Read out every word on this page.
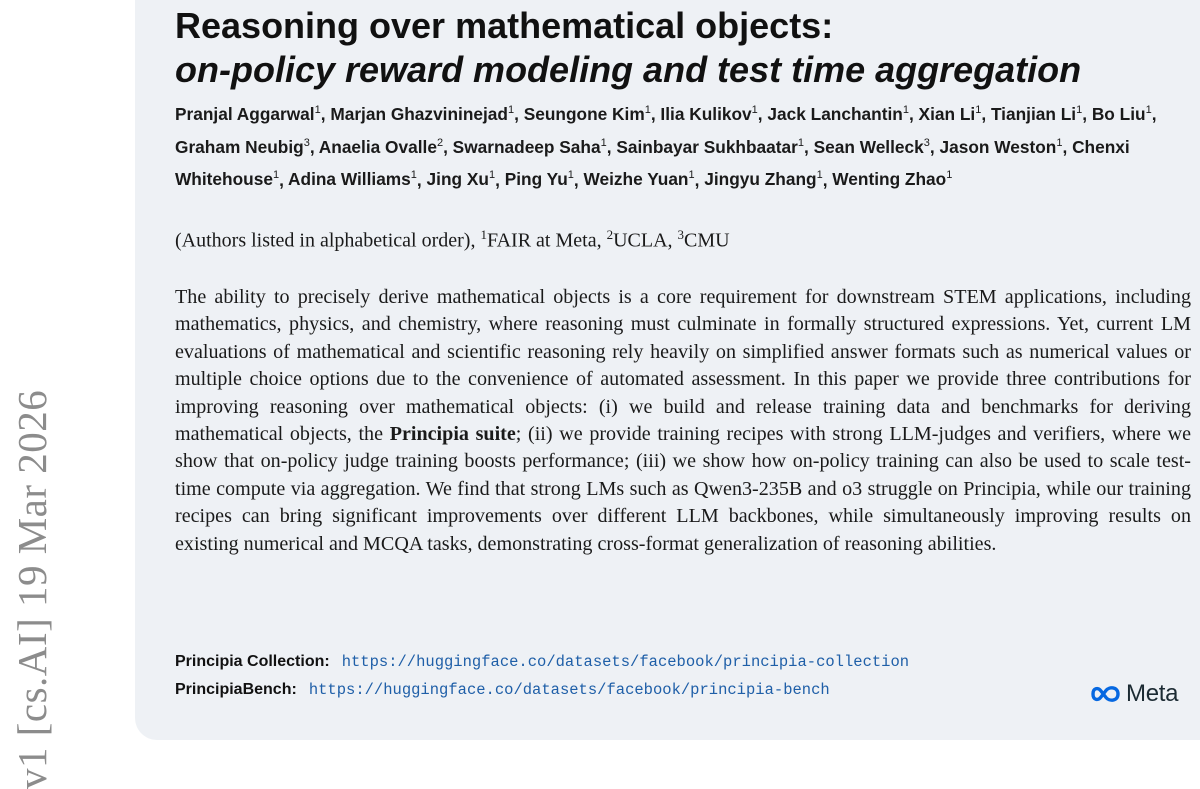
v1 [cs.AI] 19 Mar 2026
Reasoning over mathematical objects:
on-policy reward modeling and test time aggregation
Pranjal Aggarwal$^1$, Marjan Ghazvininejad$^1$, Seungone Kim$^1$, Ilia Kulikov$^1$, Jack Lanchantin$^1$, Xian Li$^1$, Tianjian Li$^1$, Bo Liu$^1$, Graham Neubig$^3$, Anaelia Ovalle$^2$, Swarnadeep Saha$^1$, Sainbayar Sukhbaatar$^1$, Sean Welleck$^3$, Jason Weston$^1$, Chenxi Whitehouse$^1$, Adina Williams$^1$, Jing Xu$^1$, Ping Yu$^1$, Weizhe Yuan$^1$, Jingyu Zhang$^1$, Wenting Zhao$^1$
(Authors listed in alphabetical order), $^1$FAIR at Meta, $^2$UCLA, $^3$CMU

The ability to precisely derive mathematical objects is a core requirement for downstream STEM applications, including mathematics, physics, and chemistry, where reasoning must culminate in formally structured expressions. Yet, current LM evaluations of mathematical and scientific reasoning rely heavily on simplified answer formats such as numerical values or multiple choice options due to the convenience of automated assessment. In this paper we provide three contributions for improving reasoning over mathematical objects: (i) we build and release training data and benchmarks for deriving mathematical objects, the Principia suite; (ii) we provide training recipes with strong LLM-judges and verifiers, where we show that on-policy judge training boosts performance; (iii) we show how on-policy training can also be used to scale test-time compute via aggregation. We find that strong LMs such as Qwen3-235B and o3 struggle on Principia, while our training recipes can bring significant improvements over different LLM backbones, while simultaneously improving results on existing numerical and MCQA tasks, demonstrating cross-format generalization of reasoning abilities.

Principia Collection: https://huggingface.co/datasets/facebook/principia-collection
PrincipiaBench: https://huggingface.co/datasets/facebook/principia-bench	Meta
